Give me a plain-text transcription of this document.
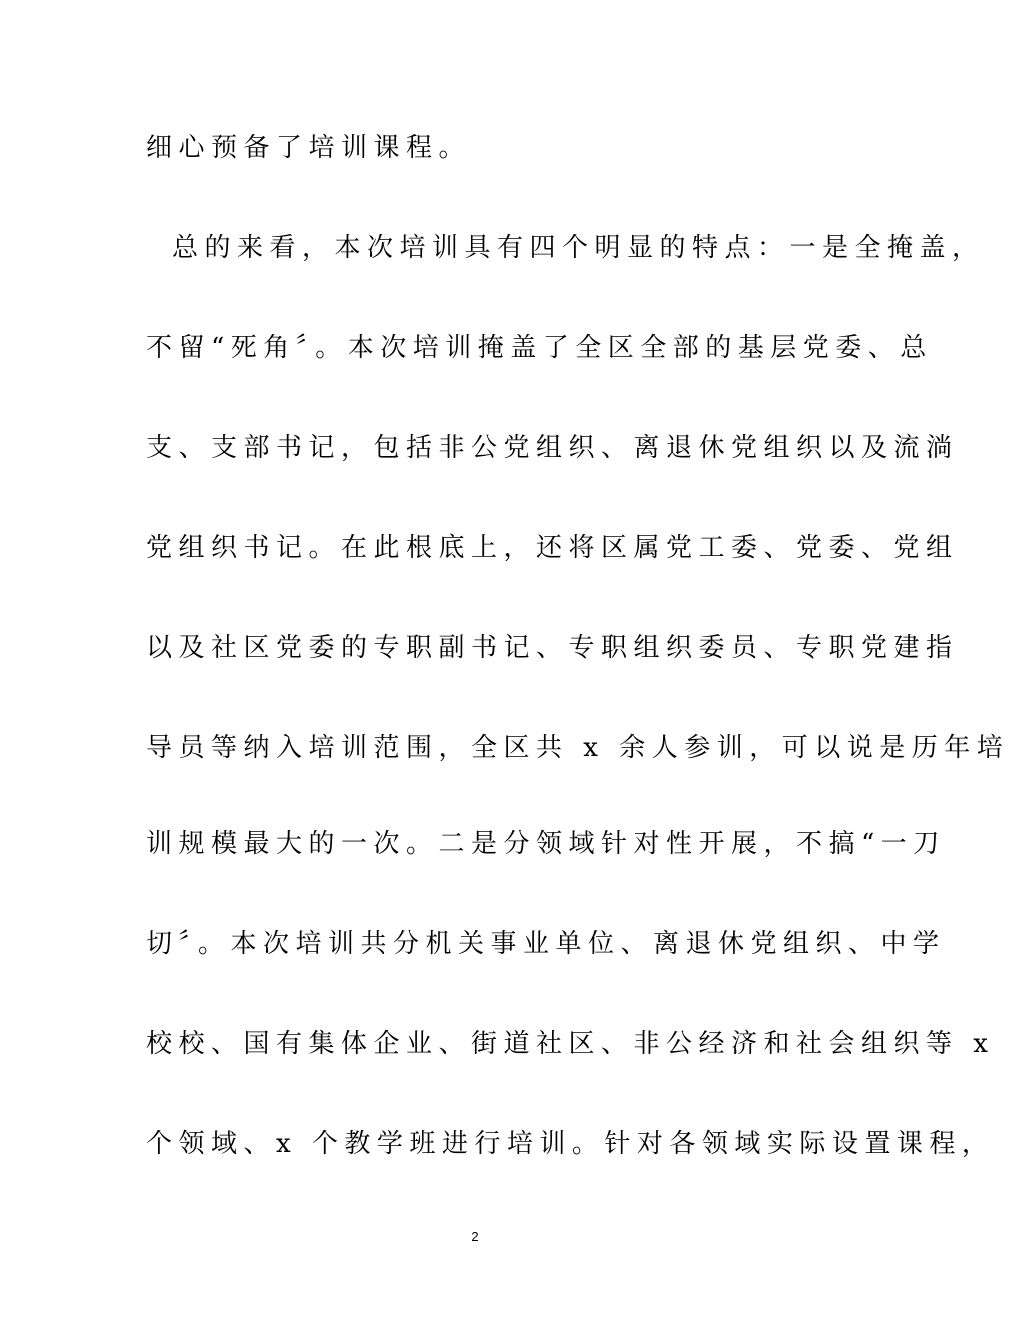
细心预备了培训课程。
总的来看，本次培训具有四个明显的特点：一是全掩盖，
不留“死角〞。本次培训掩盖了全区全部的基层党委、总
支、支部书记，包括非公党组织、离退休党组织以及流淌
党组织书记。在此根底上，还将区属党工委、党委、党组
以及社区党委的专职副书记、专职组织委员、专职党建指
导员等纳入培训范围，全区共 x 余人参训，可以说是历年培
训规模最大的一次。二是分领域针对性开展，不搞“一刀
切〞。本次培训共分机关事业单位、离退休党组织、中学
校校、国有集体企业、街道社区、非公经济和社会组织等 x
个领域、x 个教学班进行培训。针对各领域实际设置课程，
2
